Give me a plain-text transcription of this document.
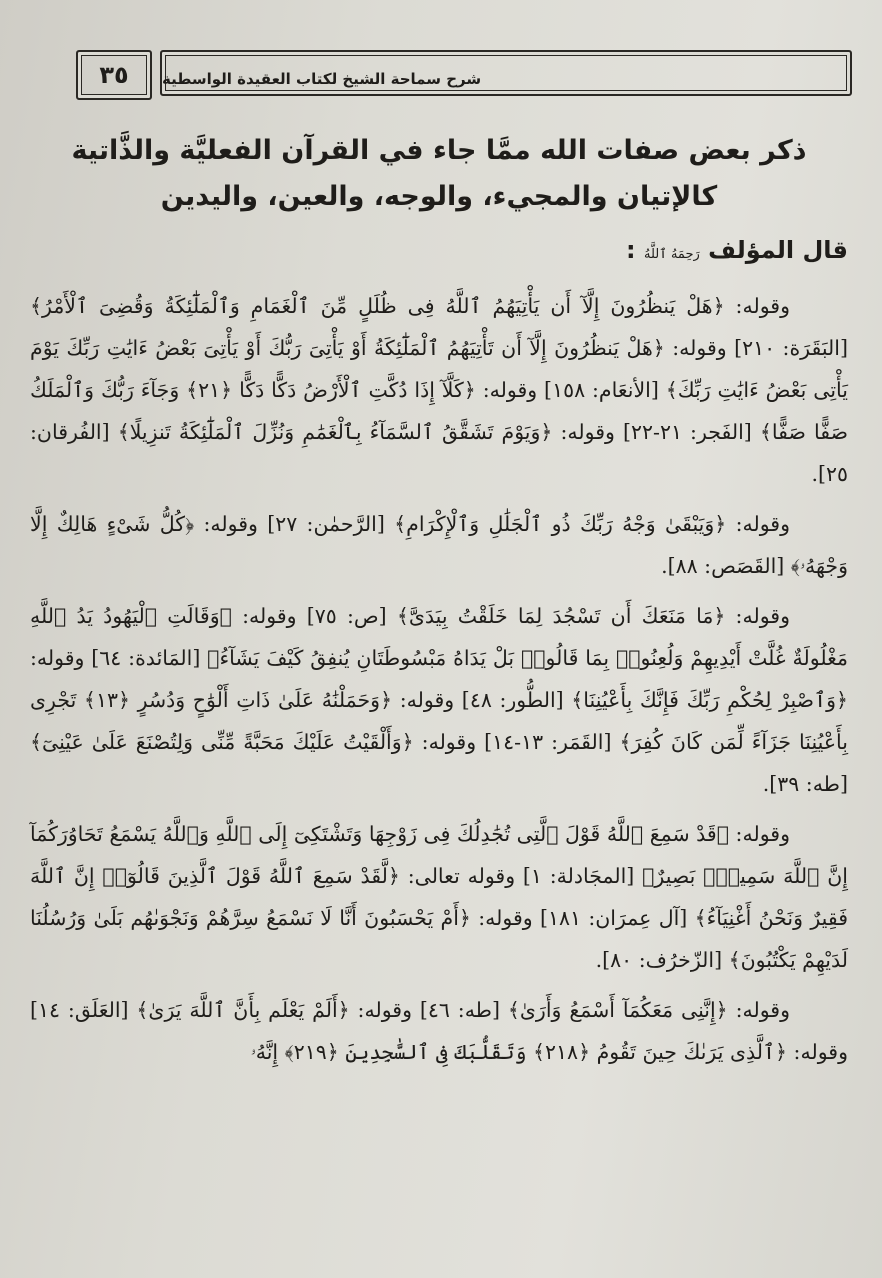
٣٥	شرح سماحة الشيخ لكتاب العقيدة الواسطية
ذكر بعض صفات الله ممَّا جاء في القرآن الفعليَّة والذَّاتية
كالإتيان والمجيء، والوجه، والعين، واليدين
قال المؤلف رَحِمَهُ ٱللَّهُ :

وقوله: ﴿هَلْ يَنظُرُونَ إِلَّآ أَن يَأْتِيَهُمُ ٱللَّهُ فِى ظُلَلٍ مِّنَ ٱلْغَمَامِ وَٱلْمَلَٰٓئِكَةُ وَقُضِىَ ٱلْأَمْرُ﴾ [البَقَرَة: ٢١٠] وقوله: ﴿هَلْ يَنظُرُونَ إِلَّآ أَن تَأْتِيَهُمُ ٱلْمَلَٰٓئِكَةُ أَوْ يَأْتِىَ رَبُّكَ أَوْ يَأْتِىَ بَعْضُ ءَايَٰتِ رَبِّكَ يَوْمَ يَأْتِى بَعْضُ ءَايَٰتِ رَبِّكَ﴾ [الأنعَام: ١٥٨] وقوله: ﴿كَلَّآ إِذَا دُكَّتِ ٱلْأَرْضُ دَكًّا دَكًّا ﴿٢١﴾ وَجَآءَ رَبُّكَ وَٱلْمَلَكُ صَفًّا صَفًّا﴾ [الفَجر: ٢١-٢٢] وقوله: ﴿وَيَوْمَ تَشَقَّقُ ٱلسَّمَآءُ بِٱلْغَمَٰمِ وَنُزِّلَ ٱلْمَلَٰٓئِكَةُ تَنزِيلًا﴾ [الفُرقان: ٢٥].

وقوله: ﴿وَيَبْقَىٰ وَجْهُ رَبِّكَ ذُو ٱلْجَلَٰلِ وَٱلْإِكْرَامِ﴾ [الرَّحمٰن: ٢٧] وقوله: ﴿كُلُّ شَىْءٍ هَالِكٌ إِلَّا وَجْهَهُۥ﴾ [القَصَص: ٨٨].

وقوله: ﴿مَا مَنَعَكَ أَن تَسْجُدَ لِمَا خَلَقْتُ بِيَدَىَّ﴾ [ص: ٧٥] وقوله: ﴿وَقَالَتِ ٱلْيَهُودُ يَدُ ٱللَّهِ مَغْلُولَةٌ غُلَّتْ أَيْدِيهِمْ وَلُعِنُوا۟ بِمَا قَالُوا۟ بَلْ يَدَاهُ مَبْسُوطَتَانِ يُنفِقُ كَيْفَ يَشَآءُ﴾ [المَائدة: ٦٤] وقوله: ﴿وَٱصْبِرْ لِحُكْمِ رَبِّكَ فَإِنَّكَ بِأَعْيُنِنَا﴾ [الطُّور: ٤٨] وقوله: ﴿وَحَمَلْنَٰهُ عَلَىٰ ذَاتِ أَلْوَٰحٍ وَدُسُرٍ ﴿١٣﴾ تَجْرِى بِأَعْيُنِنَا جَزَآءً لِّمَن كَانَ كُفِرَ﴾ [القَمَر: ١٣-١٤] وقوله: ﴿وَأَلْقَيْتُ عَلَيْكَ مَحَبَّةً مِّنِّى وَلِتُصْنَعَ عَلَىٰ عَيْنِىٓ﴾ [طه: ٣٩].

وقوله: ﴿قَدْ سَمِعَ ٱللَّهُ قَوْلَ ٱلَّتِى تُجَٰدِلُكَ فِى زَوْجِهَا وَتَشْتَكِىٓ إِلَى ٱللَّهِ وَٱللَّهُ يَسْمَعُ تَحَاوُرَكُمَآ إِنَّ ٱللَّهَ سَمِيعٌۢ بَصِيرٌ﴾ [المجَادلة: ١] وقوله تعالى: ﴿لَّقَدْ سَمِعَ ٱللَّهُ قَوْلَ ٱلَّذِينَ قَالُوٓا۟ إِنَّ ٱللَّهَ فَقِيرٌ وَنَحْنُ أَغْنِيَآءُ﴾ [آل عِمرَان: ١٨١] وقوله: ﴿أَمْ يَحْسَبُونَ أَنَّا لَا نَسْمَعُ سِرَّهُمْ وَنَجْوَىٰهُم بَلَىٰ وَرُسُلُنَا لَدَيْهِمْ يَكْتُبُونَ﴾ [الزّخرُف: ٨٠].

وقوله: ﴿إِنَّنِى مَعَكُمَآ أَسْمَعُ وَأَرَىٰ﴾ [طه: ٤٦] وقوله: ﴿أَلَمْ يَعْلَم بِأَنَّ ٱللَّهَ يَرَىٰ﴾ [العَلَق: ١٤] وقوله: ﴿ٱلَّذِى يَرَىٰكَ حِينَ تَقُومُ ﴿٢١٨﴾ وَتَقَلُّبَكَ فِى ٱلسَّٰجِدِينَ ﴿٢١٩﴾ إِنَّهُۥ
